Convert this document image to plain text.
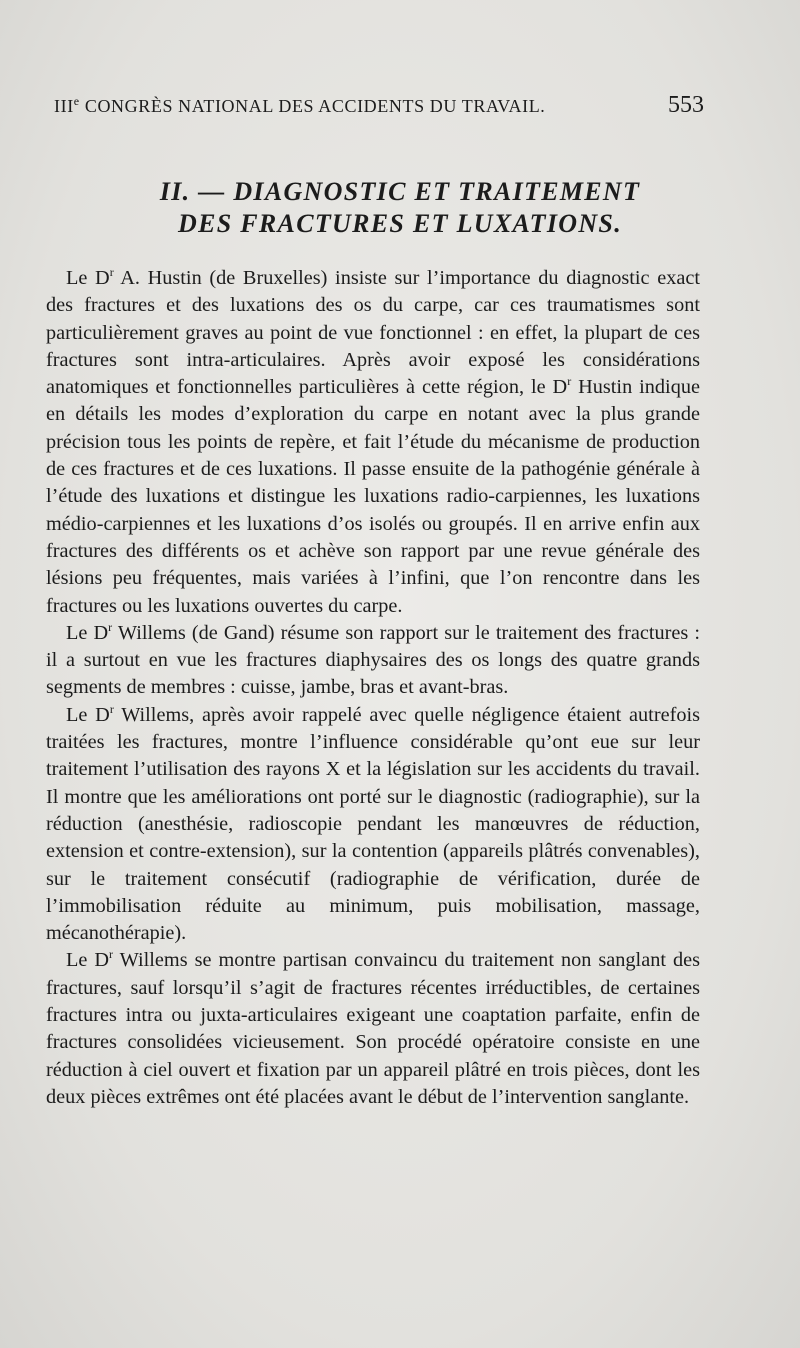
IIIe CONGRÈS NATIONAL DES ACCIDENTS DU TRAVAIL.	553
II. — DIAGNOSTIC ET TRAITEMENT
DES FRACTURES ET LUXATIONS.

Le $D^r$ A. Hustin (de Bruxelles) insiste sur l’importance du diagnostic exact des fractures et des luxations des os du carpe, car ces traumatismes sont particulièrement graves au point de vue fonctionnel : en effet, la plupart de ces fractures sont intra-articulaires. Après avoir exposé les considérations anatomiques et fonctionnelles particulières à cette région, le $D^r$ Hustin indique en détails les modes d’exploration du carpe en notant avec la plus grande précision tous les points de repère, et fait l’étude du mécanisme de production de ces fractures et de ces luxations. Il passe ensuite de la pathogénie générale à l’étude des luxations et distingue les luxations radio-carpiennes, les luxations médio-carpiennes et les luxations d’os isolés ou groupés. Il en arrive enfin aux fractures des différents os et achève son rapport par une revue générale des lésions peu fréquentes, mais variées à l’infini, que l’on rencontre dans les fractures ou les luxations ouvertes du carpe.

Le $D^r$ Willems (de Gand) résume son rapport sur le traitement des fractures : il a surtout en vue les fractures diaphysaires des os longs des quatre grands segments de membres : cuisse, jambe, bras et avant-bras.

Le $D^r$ Willems, après avoir rappelé avec quelle négligence étaient autrefois traitées les fractures, montre l’influence considérable qu’ont eue sur leur traitement l’utilisation des rayons X et la législation sur les accidents du travail. Il montre que les améliorations ont porté sur le diagnostic (radiographie), sur la réduction (anesthésie, radioscopie pendant les manœuvres de réduction, extension et contre-extension), sur la contention (appareils plâtrés convenables), sur le traitement consécutif (radiographie de vérification, durée de l’immobilisation réduite au minimum, puis mobilisation, massage, mécanothérapie).

Le $D^r$ Willems se montre partisan convaincu du traitement non sanglant des fractures, sauf lorsqu’il s’agit de fractures récentes irréductibles, de certaines fractures intra ou juxta-articulaires exigeant une coaptation parfaite, enfin de fractures consolidées vicieusement. Son procédé opératoire consiste en une réduction à ciel ouvert et fixation par un appareil plâtré en trois pièces, dont les deux pièces extrêmes ont été placées avant le début de l’intervention sanglante.
